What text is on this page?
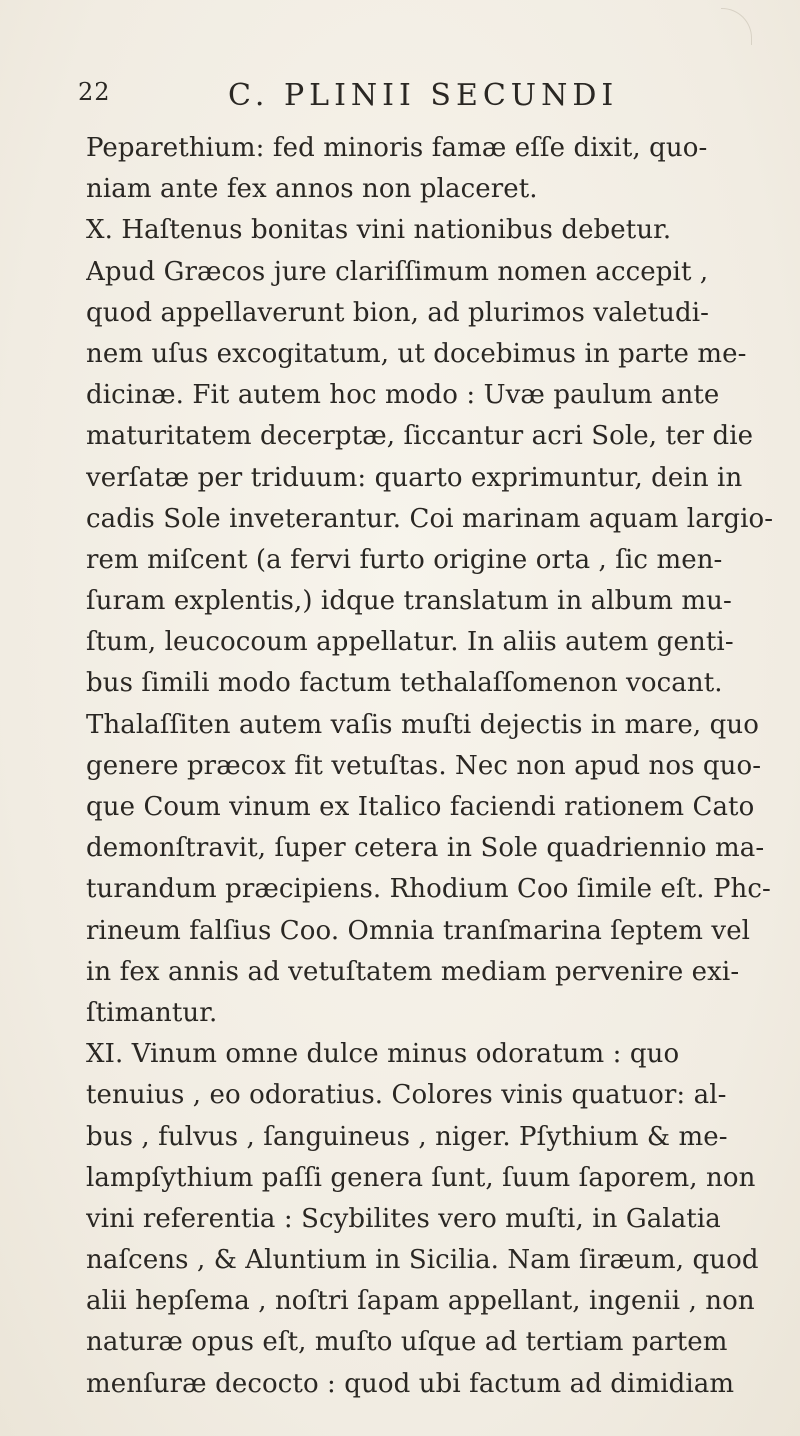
22	C. PLINII SECUNDI
Peparethium: fed minoris famæ eſſe dixit, quo-
niam ante fex annos non placeret.
X. Haſtenus bonitas vini nationibus debetur.
Apud Græcos jure clariſſimum nomen accepit ,
quod appellaverunt bion, ad plurimos valetudi-
nem uſus excogitatum, ut docebimus in parte me-
dicinæ. Fit autem hoc modo : Uvæ paulum ante
maturitatem decerptæ, ſiccantur acri Sole, ter die
verſatæ per triduum: quarto exprimuntur, dein in
cadis Sole inveterantur. Coi marinam aquam largio-
rem miſcent (a fervi furto origine orta , ſic men-
ſuram explentis,) idque translatum in album mu-
ſtum, leucocoum appellatur. In aliis autem genti-
bus ſimili modo factum tethalaſſomenon vocant.
Thalaſſiten autem vaſis muſti dejectis in mare, quo
genere præcox fit vetuſtas. Nec non apud nos quo-
que Coum vinum ex Italico faciendi rationem Cato
demonſtravit, ſuper cetera in Sole quadriennio ma-
turandum præcipiens. Rhodium Coo ſimile eſt. Phc-
rineum falſius Coo. Omnia tranſmarina ſeptem vel
in fex annis ad vetuſtatem mediam pervenire exi-
ſtimantur.
XI. Vinum omne dulce minus odoratum : quo
tenuius , eo odoratius. Colores vinis quatuor: al-
bus , fulvus , ſanguineus , niger. Pſythium & me-
lampſythium paſſi genera ſunt, ſuum ſaporem, non
vini referentia : Scybilites vero muſti, in Galatia
naſcens , & Aluntium in Sicilia. Nam ſiræum, quod
alii hepſema , noſtri ſapam appellant, ingenii , non
naturæ opus eſt, muſto uſque ad tertiam partem
menſuræ decocto : quod ubi factum ad dimidiam
